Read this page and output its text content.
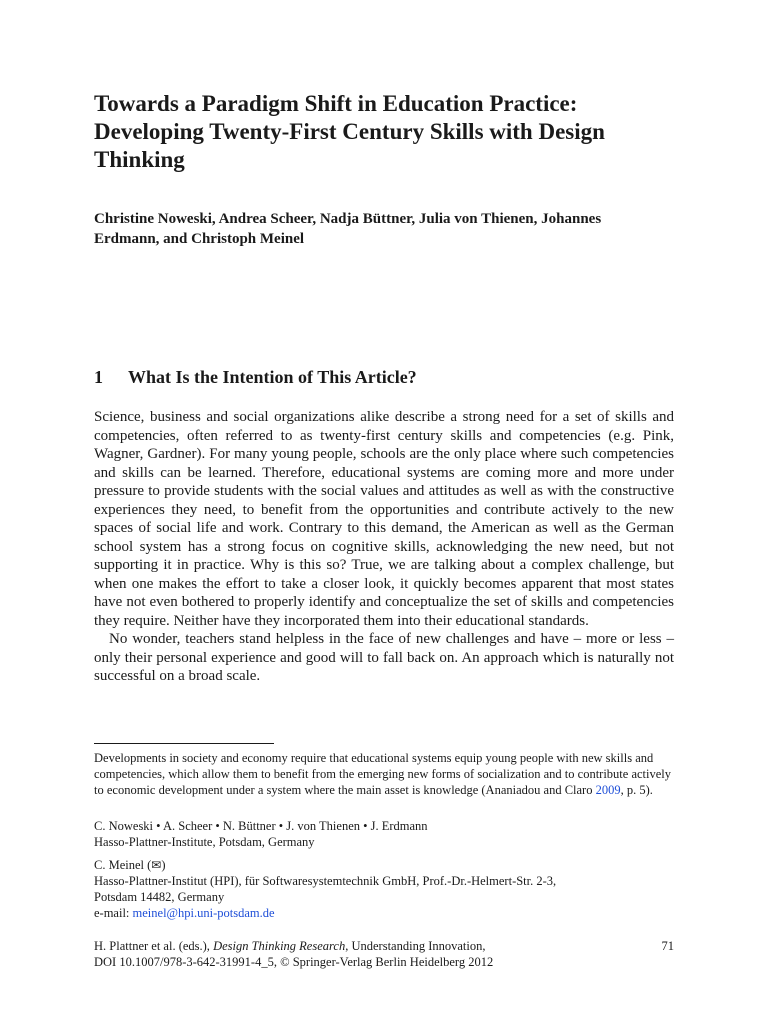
Towards a Paradigm Shift in Education Practice: Developing Twenty-First Century Skills with Design Thinking
Christine Noweski, Andrea Scheer, Nadja Büttner, Julia von Thienen, Johannes Erdmann, and Christoph Meinel
1 What Is the Intention of This Article?

Science, business and social organizations alike describe a strong need for a set of skills and competencies, often referred to as twenty-first century skills and competencies (e.g. Pink, Wagner, Gardner). For many young people, schools are the only place where such competencies and skills can be learned. Therefore, educational systems are coming more and more under pressure to provide students with the social values and attitudes as well as with the constructive experiences they need, to benefit from the opportunities and contribute actively to the new spaces of social life and work. Contrary to this demand, the American as well as the German school system has a strong focus on cognitive skills, acknowledging the new need, but not supporting it in practice. Why is this so? True, we are talking about a complex challenge, but when one makes the effort to take a closer look, it quickly becomes apparent that most states have not even bothered to properly identify and conceptualize the set of skills and competencies they require. Neither have they incorporated them into their educational standards.

No wonder, teachers stand helpless in the face of new challenges and have – more or less – only their personal experience and good will to fall back on. An approach which is naturally not successful on a broad scale.

Developments in society and economy require that educational systems equip young people with new skills and competencies, which allow them to benefit from the emerging new forms of socialization and to contribute actively to economic development under a system where the main asset is knowledge (Ananiadou and Claro 2009, p. 5).
C. Noweski • A. Scheer • N. Büttner • J. von Thienen • J. Erdmann
Hasso-Plattner-Institute, Potsdam, Germany
C. Meinel (✉)
Hasso-Plattner-Institut (HPI), für Softwaresystemtechnik GmbH, Prof.-Dr.-Helmert-Str. 2-3,
Potsdam 14482, Germany
e-mail: meinel@hpi.uni-potsdam.de
H. Plattner et al. (eds.), Design Thinking Research, Understanding Innovation,
DOI 10.1007/978-3-642-31991-4_5, © Springer-Verlag Berlin Heidelberg 2012
71
